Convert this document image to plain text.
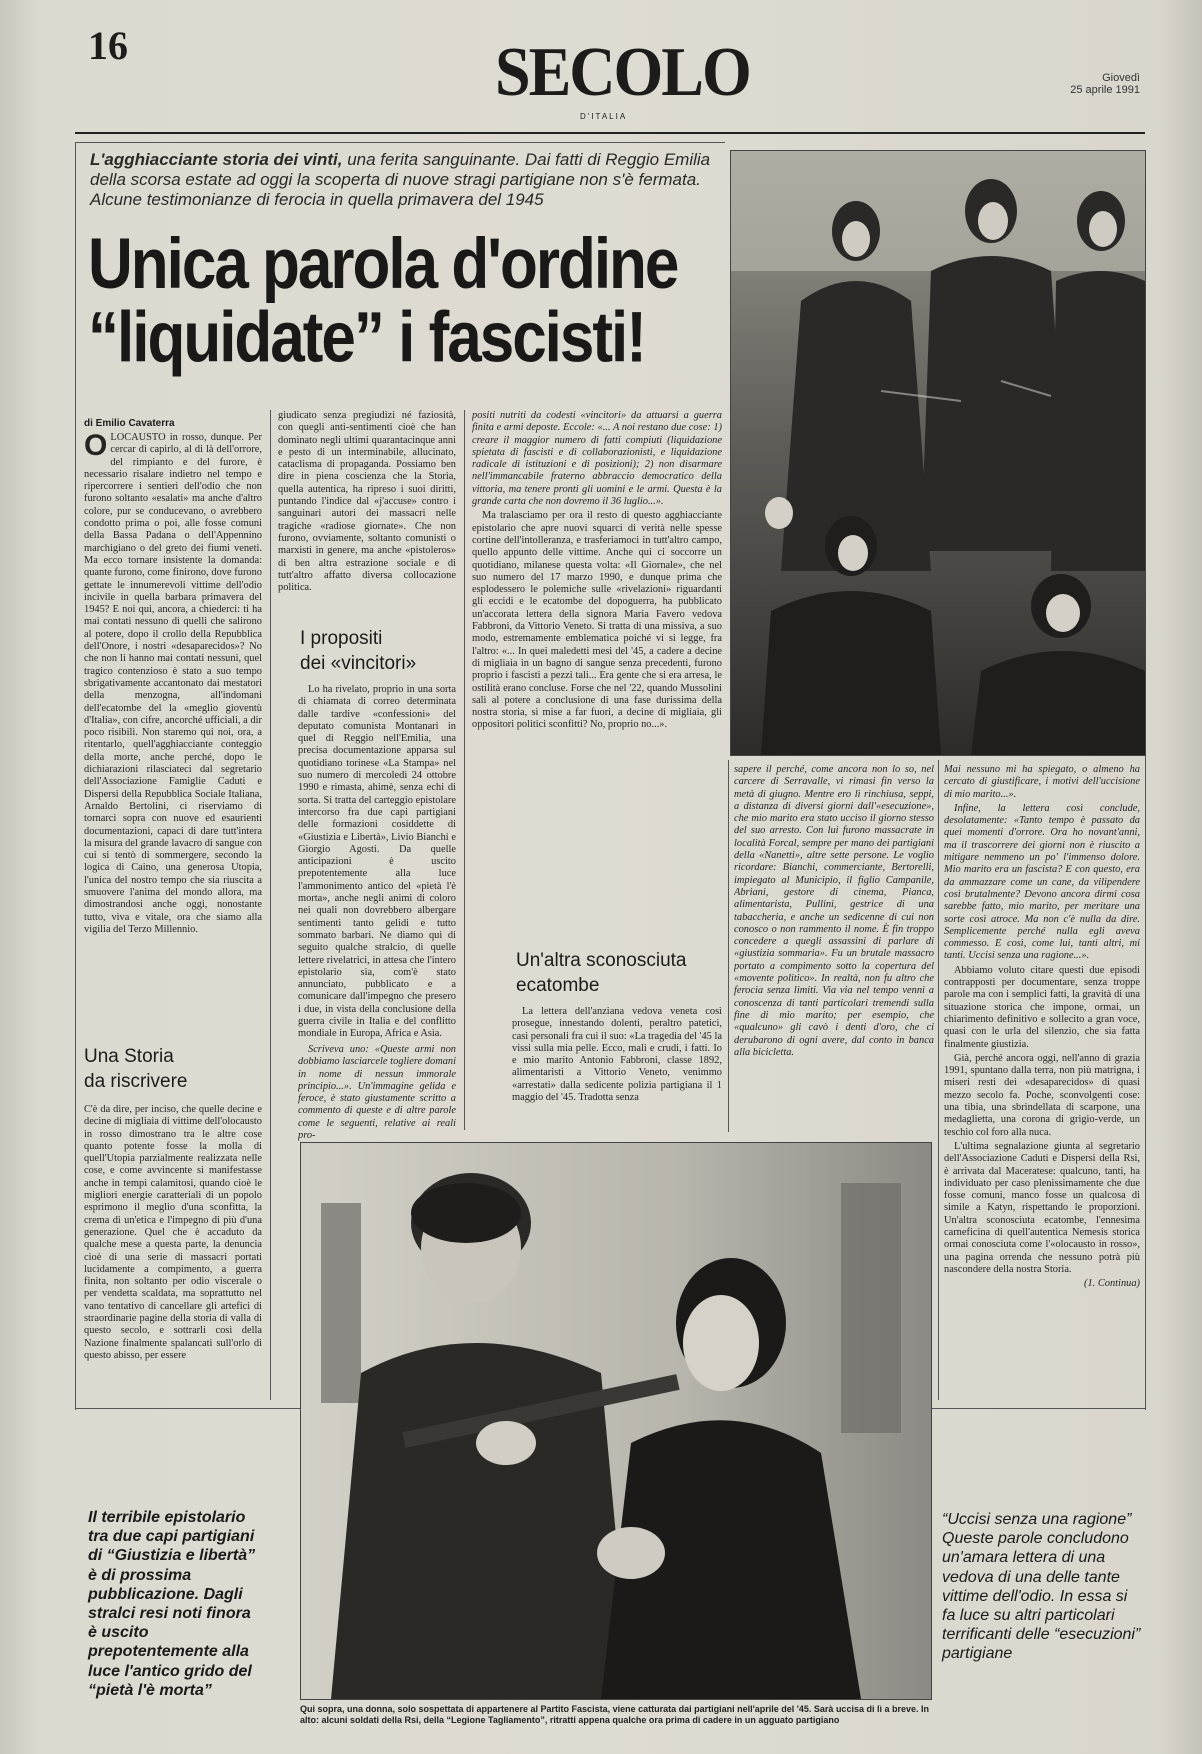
16	SECOLO
D'ITALIA
Giovedì
25 aprile 1991
L'agghiacciante storia dei vinti, una ferita sanguinante. Dai fatti di Reggio Emilia della scorsa estate ad oggi la scoperta di nuove stragi partigiane non s'è fermata. Alcune testimonianze di ferocia in quella primavera del 1945
Unica parola d'ordine
“liquidate” i fascisti!
di Emilio Cavaterra

OLOCAUSTO in rosso, dunque. Per cercar di capirlo, al di là dell'orrore, del rimpianto e del furore, è necessario risalare indietro nel tempo e ripercorrere i sentieri dell'odio che non furono soltanto «esalati» ma anche d'altro colore, pur se conducevano, o avrebbero condotto prima o poi, alle fosse comuni della Bassa Padana o dell'Appennino marchigiano o del greto dei fiumi veneti. Ma ecco tornare insistente la domanda: quante furono, come finirono, dove furono gettate le innumerevoli vittime dell'odio incivile in quella barbara primavera del 1945? E noi qui, ancora, a chiederci: ti ha mai contati nessuno di quelli che salirono al potere, dopo il crollo della Repubblica dell'Onore, i nostri «desaparecidos»? No che non li hanno mai contati nessuni, quel tragico contenzioso è stato a suo tempo sbrigativamente accantonato dai mestatori della menzogna, all'indomani dell'ecatombe del la «meglio gioventù d'Italia», con cifre, ancorché ufficiali, a dir poco risibili. Non staremo qui noi, ora, a ritentarlo, quell'agghiacciante conteggio della morte, anche perché, dopo le dichiarazioni rilasciateci dal segretario dell'Associazione Famiglie Caduti e Dispersi della Repubblica Sociale Italiana, Arnaldo Bertolini, ci riserviamo di tornarci sopra con nuove ed esaurienti documentazioni, capaci di dare tutt'intera la misura del grande lavacro di sangue con cui si tentò di sommergere, secondo la logica di Caino, una generosa Utopia, l'unica del nostro tempo che sia riuscita a smuovere l'anima del mondo allora, ma dimostrandosi anche oggi, nonostante tutto, viva e vitale, ora che siamo alla vigilia del Terzo Millennio.

Una Storia
da riscrivere

C'è da dire, per inciso, che quelle decine e decine di migliaia di vittime dell'olocausto in rosso dimostrano tra le altre cose quanto potente fosse la molla di quell'Utopia parzialmente realizzata nelle cose, e come avvincente si manifestasse anche in tempi calamitosi, quando cioè le migliori energie caratteriali di un popolo esprimono il meglio d'una sconfitta, la crema di un'etica e l'impegno di più d'una generazione. Quel che è accaduto da qualche mese a questa parte, la denuncia cioè di una serie di massacri portati lucidamente a compimento, a guerra finita, non soltanto per odio viscerale o per vendetta scaldata, ma soprattutto nel vano tentativo di cancellare gli artefici di straordinarie pagine della storia di valla di questo secolo, e sottrarli così della Nazione finalmente spalancati sull'orlo di questo abisso, per essere

giudicato senza pregiudizi né faziosità, con quegli anti-sentimenti cioè che han dominato negli ultimi quarantacinque anni e pesto di un interminabile, allucinato, cataclisma di propaganda. Possiamo ben dire in piena coscienza che la Storia, quella autentica, ha ripreso i suoi diritti, puntando l'indice dal «j'accuse» contro i sanguinari autori dei massacri nelle tragiche «radiose giornate». Che non furono, ovviamente, soltanto comunisti o marxisti in genere, ma anche «pistoleros» di ben altra estrazione sociale e di tutt'altro affatto diversa collocazione politica.

I propositi
dei «vincitori»

Lo ha rivelato, proprio in una sorta di chiamata di correo determinata dalle tardive «confessioni» del deputato comunista Montanari in quel di Reggio nell'Emilia, una precisa documentazione apparsa sul quotidiano torinese «La Stampa» nel suo numero di mercoledì 24 ottobre 1990 e rimasta, ahimè, senza echi di sorta. Si tratta del carteggio epistolare intercorso fra due capi partigiani delle formazioni cosiddette di «Giustizia e Libertà», Livio Bianchi e Giorgio Agosti. Da quelle anticipazioni è uscito prepotentemente alla luce l'ammonimento antico del «pietà l'è morta», anche negli animi di coloro nei quali non dovrebbero albergare sentimenti tanto gelidi e tutto sommato barbari. Ne diamo qui di seguito qualche stralcio, di quelle lettere rivelatrici, in attesa che l'intero epistolario sia, com'è stato annunciato, pubblicato e a comunicare dall'impegno che presero i due, in vista della conclusione della guerra civile in Italia e del conflitto mondiale in Europa, Africa e Asia.

Scriveva uno: «Queste armi non dobbiamo lasciarcele togliere domani in nome di nessun immorale principio...». Un'immagine gelida e feroce, è stato giustamente scritto a commento di queste e di altre parole come le seguenti, relative ai realí pro-

positi nutriti da codesti «vincitori» da attuarsi a guerra finita e armi deposte. Eccole: «... A noi restano due cose: 1) creare il maggior numero di fatti compiuti (liquidazione spietata di fascisti e di collaborazionisti, e liquidazione radicale di istituzioni e di posizioni); 2) non disarmare nell'immancabile fraterno abbraccio democratico della vittoria, ma tenere pronti gli uomini e le armi. Questa è la grande carta che non dovremo il 36 luglio...».

Ma tralasciamo per ora il resto di questo agghiacciante epistolario che apre nuovi squarci di verità nelle spesse cortine dell'intolleranza, e trasferiamoci in tutt'altro campo, quello appunto delle vittime. Anche qui ci soccorre un quotidiano, milanese questa volta: «Il Giornale», che nel suo numero del 17 marzo 1990, e dunque prima che esplodessero le polemiche sulle «rivelazioni» riguardanti gli eccidi e le ecatombe del dopoguerra, ha pubblicato un'accorata lettera della signora Maria Favero vedova Fabbroni, da Vittorio Veneto. Si tratta di una missiva, a suo modo, estremamente emblematica poiché vi si legge, fra l'altro: «... In quei maledetti mesi del '45, a cadere a decine di migliaia in un bagno di sangue senza precedenti, furono proprio i fascisti a pezzi tali... Era gente che si era arresa, le ostilità erano concluse. Forse che nel '22, quando Mussolini salì al potere a conclusione di una fase durissima della nostra storia, si mise a far fuori, a decine di migliaia, gli oppositori politici sconfitti? No, proprio no...».

Un'altra sconosciuta
ecatombe

La lettera dell'anziana vedova veneta così prosegue, innestando dolenti, peraltro patetici, casi personali fra cui il suo: «La tragedia del '45 la vissi sulla mia pelle. Ecco, mali e crudi, i fatti. Io e mio marito Antonio Fabbroni, classe 1892, alimentaristi a Vittorio Veneto, venimmo «arrestati» dalla sedicente polizia partigiana il 1 maggio del '45. Tradotta senza

sapere il perché, come ancora non lo so, nel carcere di Serravalle, vi rimasi fin verso la metà di giugno. Mentre ero lì rinchiusa, seppi, a distanza di diversi giorni dall'«esecuzione», che mio marito era stato ucciso il giorno stesso del suo arresto. Con lui furono massacrate in località Forcal, sempre per mano dei partigiani della «Nanetti», altre sette persone. Le voglio ricordare: Bianchi, commerciante, Bertorelli, impiegato al Municipio, il figlio Campanile, Abriani, gestore di cinema, Pianca, alimentarista, Pullini, gestrice di una tabaccheria, e anche un sedicenne di cui non conosco o non rammento il nome. È fin troppo concedere a quegli assassini di parlare di «giustizia sommaria». Fu un brutale massacro portato a compimento sotto la copertura del «movente politico». In realtà, non fu altro che ferocia senza limiti. Via via nel tempo venni a conoscenza di tanti particolari tremendi sulla fine di mio marito; per esempio, che «qualcuno» gli cavò i denti d'oro, che ci derubarono di ogni avere, dal conto in banca alla bicicletta.

Mai nessuno mi ha spiegato, o almeno ha cercato di giustificare, i motivi dell'uccisione di mio marito...».

Infine, la lettera così conclude, desolatamente: «Tanto tempo è passato da quei momenti d'orrore. Ora ho novant'anni, ma il trascorrere dei giorni non è riuscito a mitigare nemmeno un po' l'immenso dolore. Mio marito era un fascista? E con questo, era da ammazzare come un cane, da vilipendere così brutalmente? Devono ancora dirmi cosa sarebbe fatto, mio marito, per meritare una sorte così atroce. Ma non c'è nulla da dire. Semplicemente perché nulla egli aveva commesso. E così, come lui, tanti altri, mi tanti. Uccisi senza una ragione...».

Abbiamo voluto citare questi due episodi contrapposti per documentare, senza troppe parole ma con i semplici fatti, la gravità di una situazione storica che impone, ormai, un chiarimento definitivo e sollecito a gran voce, quasi con le urla del silenzio, che sia fatta finalmente giustizia.

Già, perché ancora oggi, nell'anno di grazia 1991, spuntano dalla terra, non più matrigna, i miseri resti dei «desaparecidos» di quasi mezzo secolo fa. Poche, sconvolgenti cose: una tibia, una sbrindellata di scarpone, una medaglietta, una corona di grigio-verde, un teschio col foro alla nuca.

L'ultima segnalazione giunta al segretario dell'Associazione Caduti e Dispersi della Rsi, è arrivata dal Maceratese: qualcuno, tanti, ha individuato per caso plenissimamente che due fosse comuni, manco fosse un qualcosa di simile a Katyn, rispettando le proporzioni. Un'altra sconosciuta ecatombe, l'ennesima carneficina di quell'autentica Nemesis storica ormai conosciuta come l'«olocausto in rosso», una pagina orrenda che nessuno potrà più nascondere della nostra Storia.

(1. Continua)

Qui sopra, una donna, solo sospettata di appartenere al Partito Fascista, viene catturata dai partigiani nell'aprile del '45. Sarà uccisa di lì a breve. In alto: alcuni soldati della Rsi, della “Legione Tagliamento”, ritratti appena qualche ora prima di cadere in un agguato partigiano
Il terribile epistolario tra due capi partigiani di “Giustizia e libertà” è di prossima pubblicazione. Dagli stralci resi noti finora è uscito prepotentemente alla luce l'antico grido del “pietà l'è morta”
“Uccisi senza una ragione” Queste parole concludono un'amara lettera di una vedova di una delle tante vittime dell'odio. In essa si fa luce su altri particolari terrificanti delle “esecuzioni” partigiane
